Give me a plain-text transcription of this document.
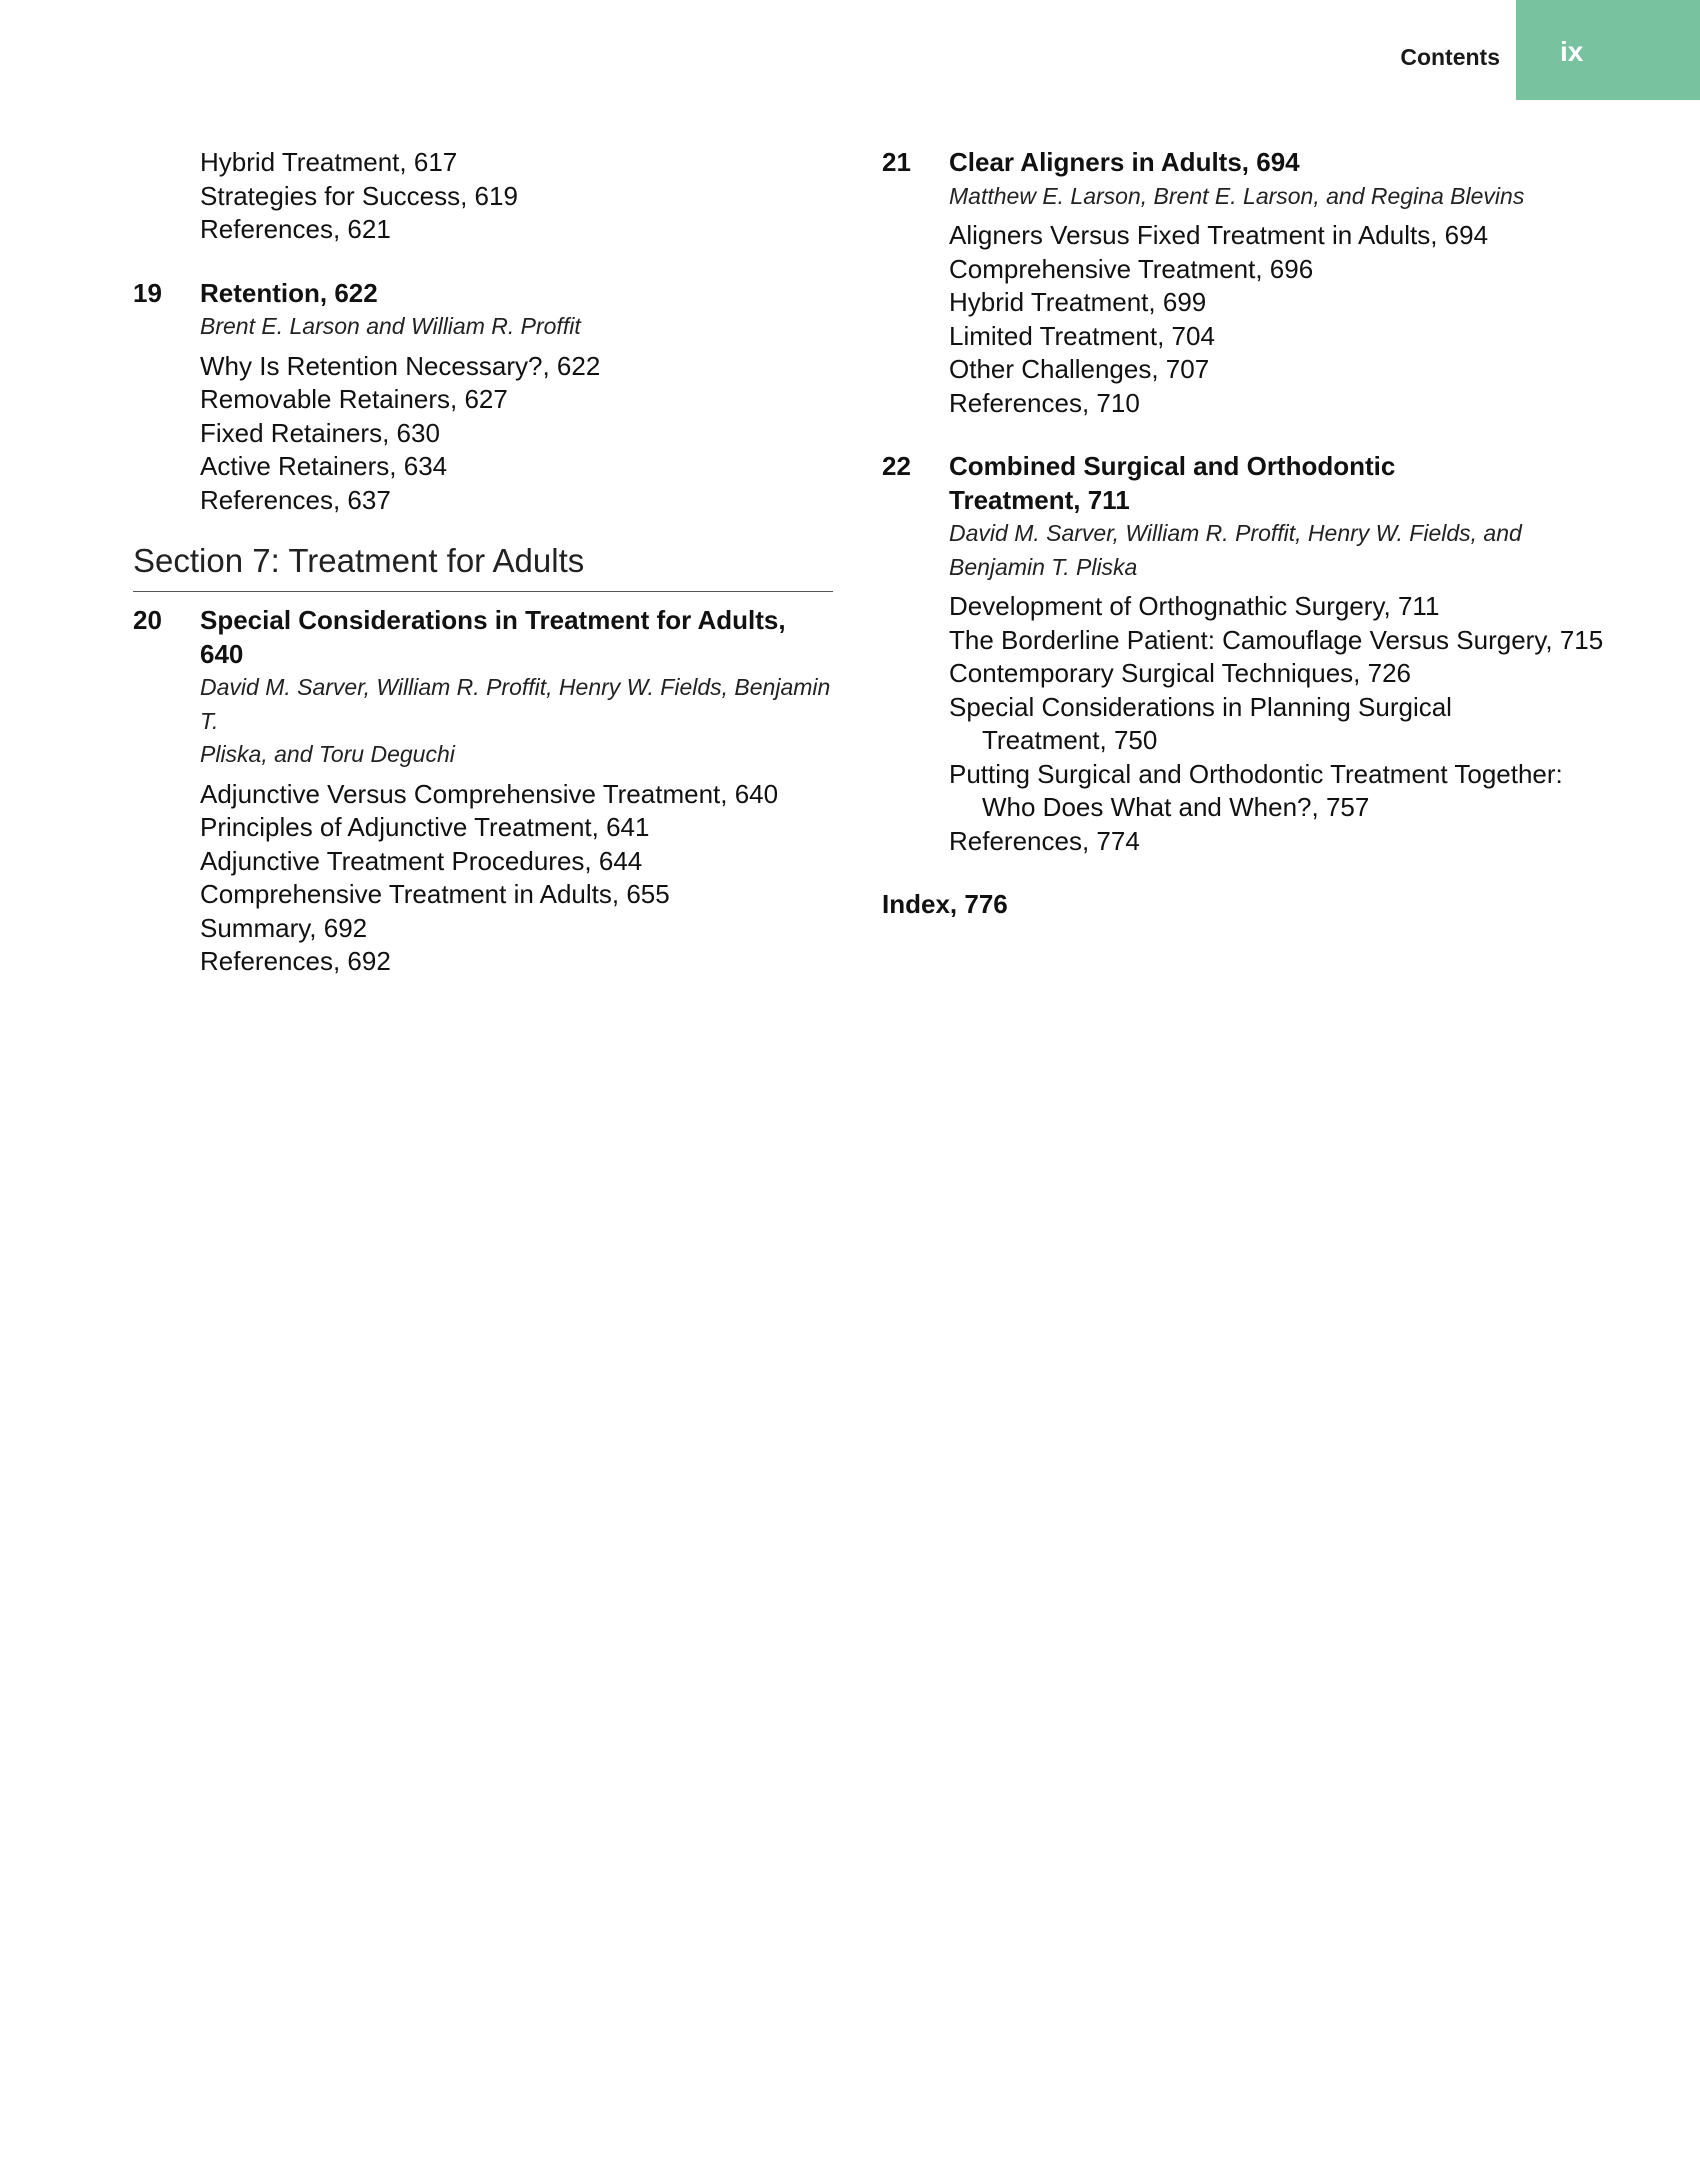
Contents	ix
Hybrid Treatment, 617
Strategies for Success, 619
References, 621
19	Retention, 622
Brent E. Larson and William R. Proffit
Why Is Retention Necessary?, 622
Removable Retainers, 627
Fixed Retainers, 630
Active Retainers, 634
References, 637
Section 7: Treatment for Adults
20	Special Considerations in Treatment for Adults, 640
David M. Sarver, William R. Proffit, Henry W. Fields, Benjamin T.
Pliska, and Toru Deguchi
Adjunctive Versus Comprehensive Treatment, 640
Principles of Adjunctive Treatment, 641
Adjunctive Treatment Procedures, 644
Comprehensive Treatment in Adults, 655
Summary, 692
References, 692
21	Clear Aligners in Adults, 694
Matthew E. Larson, Brent E. Larson, and Regina Blevins
Aligners Versus Fixed Treatment in Adults, 694
Comprehensive Treatment, 696
Hybrid Treatment, 699
Limited Treatment, 704
Other Challenges, 707
References, 710
22	Combined Surgical and Orthodontic
Treatment, 711
David M. Sarver, William R. Proffit, Henry W. Fields, and
Benjamin T. Pliska
Development of Orthognathic Surgery, 711
The Borderline Patient: Camouflage Versus Surgery, 715
Contemporary Surgical Techniques, 726
Special Considerations in Planning Surgical
Treatment, 750
Putting Surgical and Orthodontic Treatment Together:
Who Does What and When?, 757
References, 774
Index, 776
